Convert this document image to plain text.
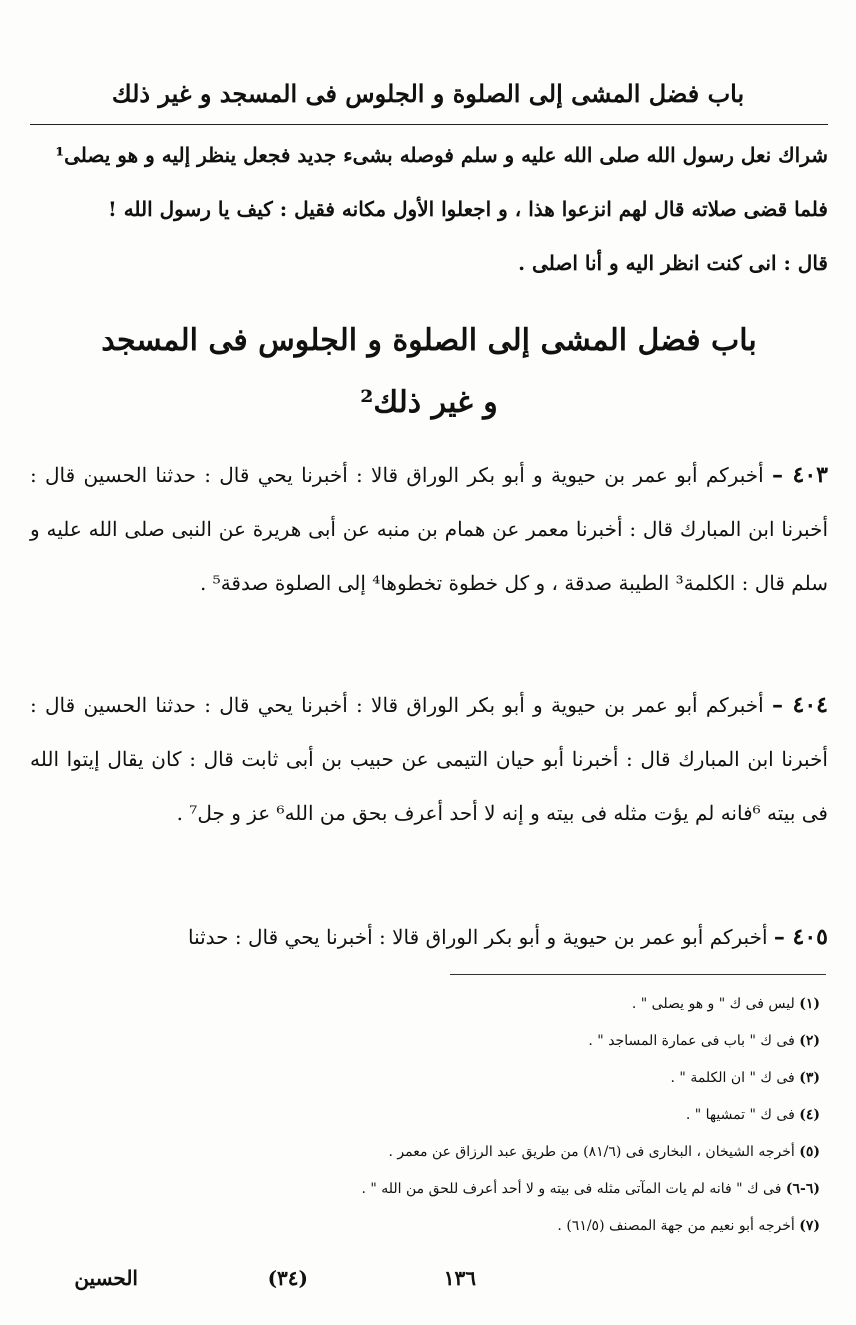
باب فضل المشى إلى الصلوة و الجلوس فى المسجد و غير ذلك
شراك نعل رسول الله صلى الله عليه و سلم فوصله بشىء جديد فجعل ينظر إليه و هو يصلى¹
فلما قضى صلاته قال لهم انزعوا هذا ، و اجعلوا الأول مكانه فقيل : كيف يا رسول الله !
قال : انى كنت انظر اليه و أنا اصلى .
باب فضل المشى إلى الصلوة و الجلوس فى المسجد
و غير ذلك²
٤٠٣ – أخبركم أبو عمر بن حيوية و أبو بكر الوراق قالا : أخبرنا يحي قال : حدثنا الحسين قال : أخبرنا ابن المبارك قال : أخبرنا معمر عن همام بن منبه عن أبى هريرة عن النبى صلى الله عليه و سلم قال : الكلمة³ الطيبة صدقة ، و كل خطوة تخطوها⁴ إلى الصلوة صدقة⁵ .
٤٠٤ – أخبركم أبو عمر بن حيوية و أبو بكر الوراق قالا : أخبرنا يحي قال : حدثنا الحسين قال : أخبرنا ابن المبارك قال : أخبرنا أبو حيان التيمى عن حبيب بن أبى ثابت قال : كان يقال إيتوا الله فى بيته ⁶فانه لم يؤت مثله فى بيته و إنه لا أحد أعرف بحق من الله⁶ عز و جل⁷ .
٤٠٥ – أخبركم أبو عمر بن حيوية و أبو بكر الوراق قالا : أخبرنا يحي قال : حدثنا
(١) ليس فى ك " و هو يصلى " .
(٢) فى ك " باب فى عمارة المساجد " .
(٣) فى ك " ان الكلمة " .
(٤) فى ك " تمشيها " .
(٥) أخرجه الشيخان ، البخارى فى (٨١/٦) من طريق عبد الرزاق عن معمر .
(٦-٦) فى ك " فانه لم يات المآتى مثله فى بيته و لا أحد أعرف للحق من الله " .
(٧) أخرجه أبو نعيم من جهة المصنف (٦١/٥) .
١٣٦
(٣٤)
الحسين
